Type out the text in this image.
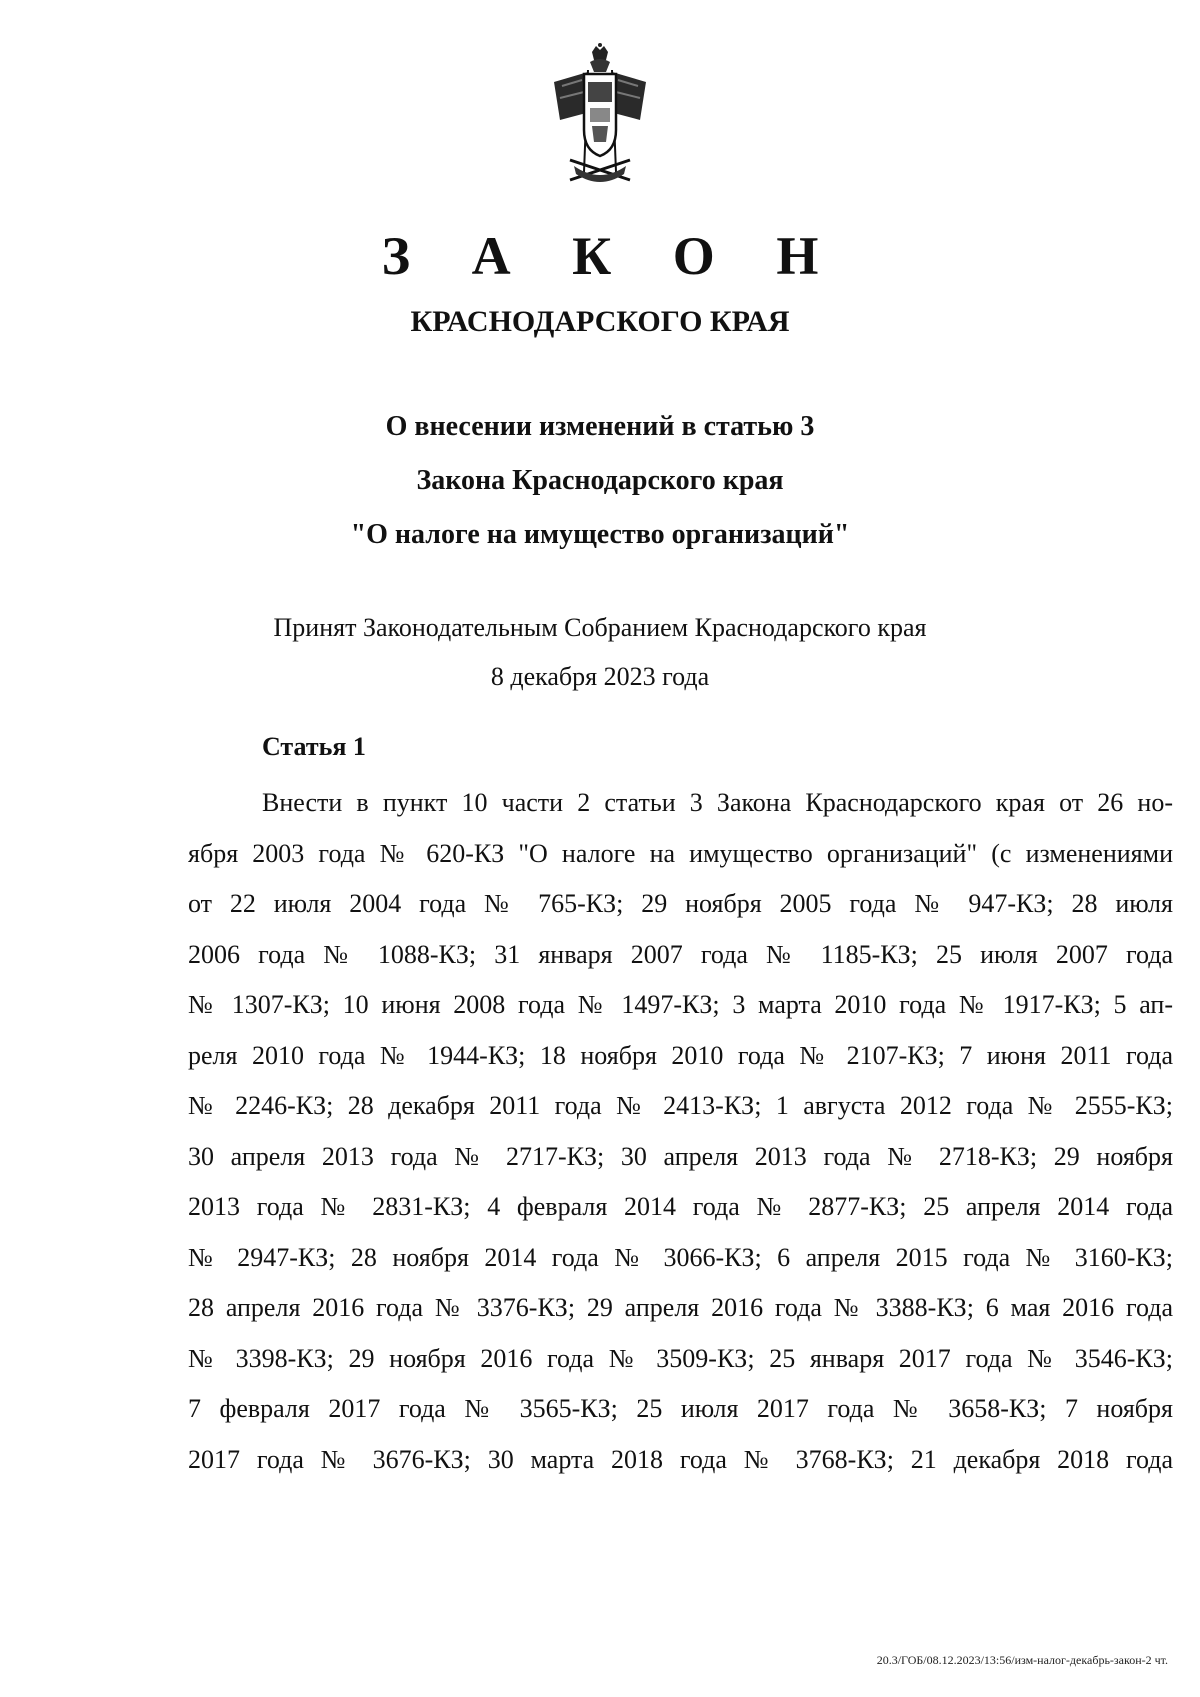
З А К О Н
КРАСНОДАРСКОГО КРАЯ
О внесении изменений в статью 3
Закона Краснодарского края
"О налоге на имущество организаций"
Принят Законодательным Собранием Краснодарского края
8 декабря 2023 года
Статья 1
Внести в пункт 10 части 2 статьи 3 Закона Краснодарского края от 26 но-
ября 2003 года № 620-КЗ "О налоге на имущество организаций" (с изменениями
от 22 июля 2004 года № 765-КЗ; 29 ноября 2005 года № 947-КЗ; 28 июля
2006 года № 1088-КЗ; 31 января 2007 года № 1185-КЗ; 25 июля 2007 года
№ 1307-КЗ; 10 июня 2008 года № 1497-КЗ; 3 марта 2010 года № 1917-КЗ; 5 ап-
реля 2010 года № 1944-КЗ; 18 ноября 2010 года № 2107-КЗ; 7 июня 2011 года
№ 2246-КЗ; 28 декабря 2011 года № 2413-КЗ; 1 августа 2012 года № 2555-КЗ;
30 апреля 2013 года № 2717-КЗ; 30 апреля 2013 года № 2718-КЗ; 29 ноября
2013 года № 2831-КЗ; 4 февраля 2014 года № 2877-КЗ; 25 апреля 2014 года
№ 2947-КЗ; 28 ноября 2014 года № 3066-КЗ; 6 апреля 2015 года № 3160-КЗ;
28 апреля 2016 года № 3376-КЗ; 29 апреля 2016 года № 3388-КЗ; 6 мая 2016 года
№ 3398-КЗ; 29 ноября 2016 года № 3509-КЗ; 25 января 2017 года № 3546-КЗ;
7 февраля 2017 года № 3565-КЗ; 25 июля 2017 года № 3658-КЗ; 7 ноября
2017 года № 3676-КЗ; 30 марта 2018 года № 3768-КЗ; 21 декабря 2018 года
20.3/ГОБ/08.12.2023/13:56/изм-налог-декабрь-закон-2 чт.
